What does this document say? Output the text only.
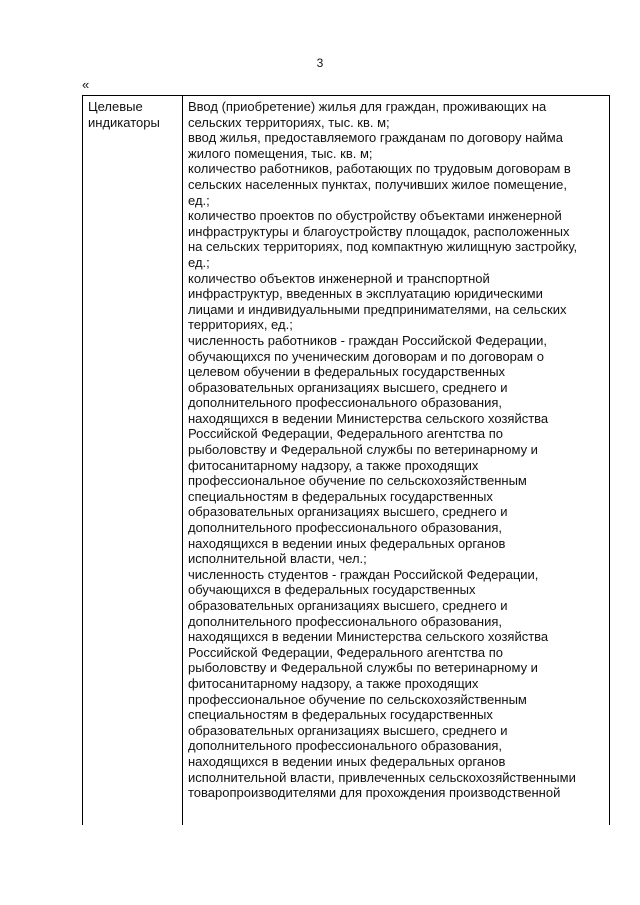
3
«
Целевые
индикаторы
Ввод (приобретение) жилья для граждан, проживающих на
сельских территориях, тыс. кв. м;
ввод жилья, предоставляемого гражданам по договору найма
жилого помещения, тыс. кв. м;
количество работников, работающих по трудовым договорам в
сельских населенных пунктах, получивших жилое помещение,
ед.;
количество проектов по обустройству объектами инженерной
инфраструктуры и благоустройству площадок, расположенных
на сельских территориях, под компактную жилищную застройку,
ед.;
количество объектов инженерной и транспортной
инфраструктур, введенных в эксплуатацию юридическими
лицами и индивидуальными предпринимателями, на сельских
территориях, ед.;
численность работников - граждан Российской Федерации,
обучающихся по ученическим договорам и по договорам о
целевом обучении в федеральных государственных
образовательных организациях высшего, среднего и
дополнительного профессионального образования,
находящихся в ведении Министерства сельского хозяйства
Российской Федерации, Федерального агентства по
рыболовству и Федеральной службы по ветеринарному и
фитосанитарному надзору, а также проходящих
профессиональное обучение по сельскохозяйственным
специальностям в федеральных государственных
образовательных организациях высшего, среднего и
дополнительного профессионального образования,
находящихся в ведении иных федеральных органов
исполнительной власти, чел.;
численность студентов - граждан Российской Федерации,
обучающихся в федеральных государственных
образовательных организациях высшего, среднего и
дополнительного профессионального образования,
находящихся в ведении Министерства сельского хозяйства
Российской Федерации, Федерального агентства по
рыболовству и Федеральной службы по ветеринарному и
фитосанитарному надзору, а также проходящих
профессиональное обучение по сельскохозяйственным
специальностям в федеральных государственных
образовательных организациях высшего, среднего и
дополнительного профессионального образования,
находящихся в ведении иных федеральных органов
исполнительной власти, привлеченных сельскохозяйственными
товаропроизводителями для прохождения производственной
